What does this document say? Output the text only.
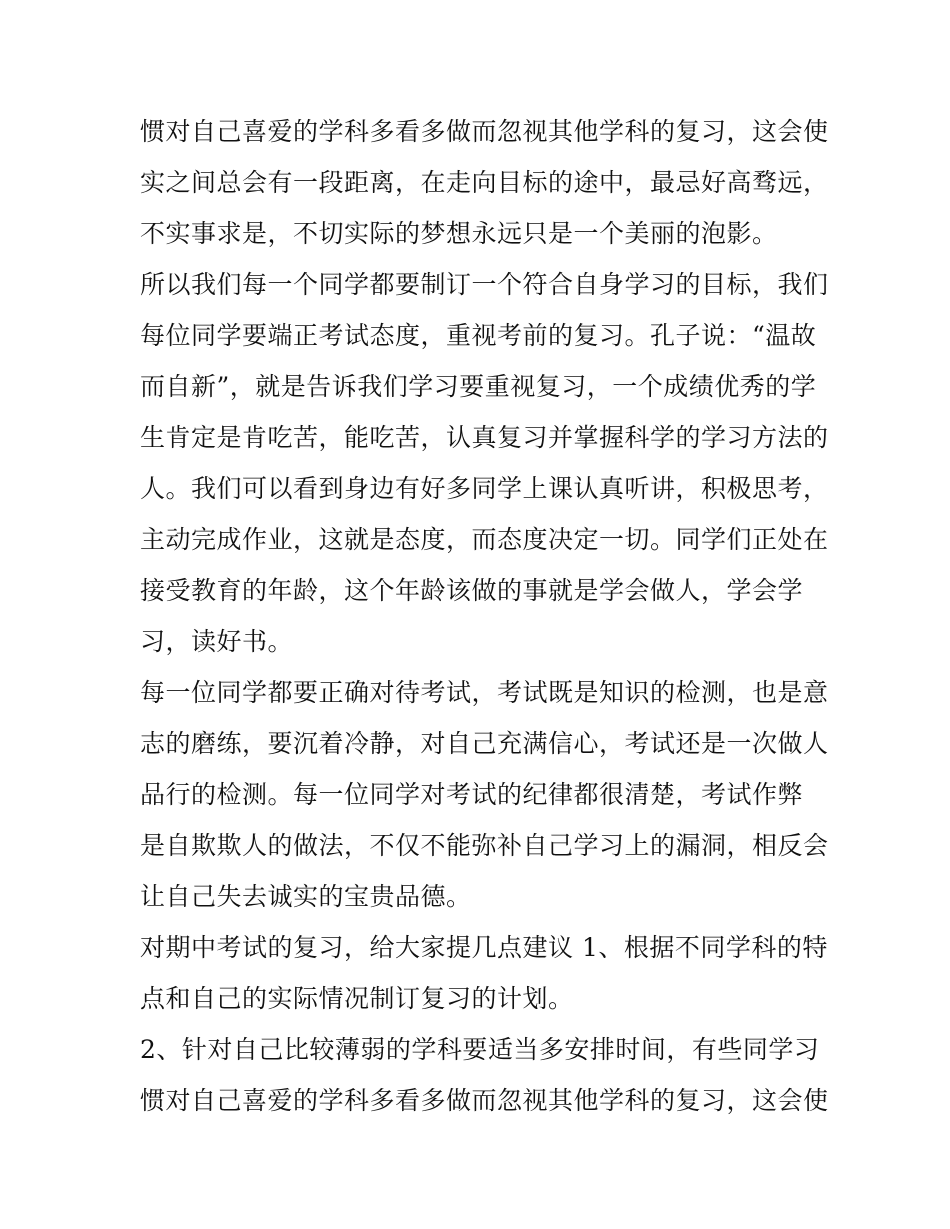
惯对自己喜爱的学科多看多做而忽视其他学科的复习，这会使
实之间总会有一段距离，在走向目标的途中，最忌好高骛远，
不实事求是，不切实际的梦想永远只是一个美丽的泡影。
所以我们每一个同学都要制订一个符合自身学习的目标，我们
每位同学要端正考试态度，重视考前的复习。孔子说：“温故
而自新”，就是告诉我们学习要重视复习，一个成绩优秀的学
生肯定是肯吃苦，能吃苦，认真复习并掌握科学的学习方法的
人。我们可以看到身边有好多同学上课认真听讲，积极思考，
主动完成作业，这就是态度，而态度决定一切。同学们正处在
接受教育的年龄，这个年龄该做的事就是学会做人，学会学
习，读好书。
每一位同学都要正确对待考试，考试既是知识的检测，也是意
志的磨练，要沉着冷静，对自己充满信心，考试还是一次做人
品行的检测。每一位同学对考试的纪律都很清楚，考试作弊
是自欺欺人的做法，不仅不能弥补自己学习上的漏洞，相反会
让自己失去诚实的宝贵品德。
对期中考试的复习，给大家提几点建议 1、根据不同学科的特
点和自己的实际情况制订复习的计划。
2、针对自己比较薄弱的学科要适当多安排时间，有些同学习
惯对自己喜爱的学科多看多做而忽视其他学科的复习，这会使
